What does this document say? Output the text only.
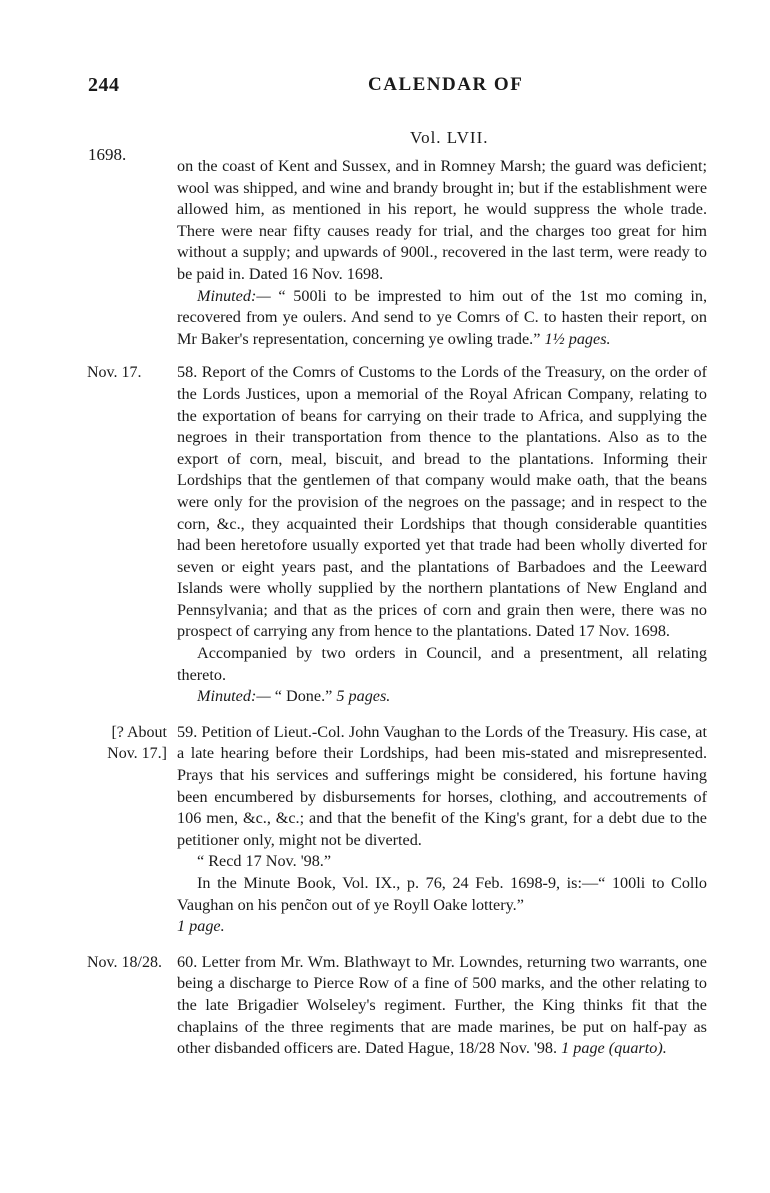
244	CALENDAR OF
Vol. LVII.
1698.

on the coast of Kent and Sussex, and in Romney Marsh; the guard was deficient; wool was shipped, and wine and brandy brought in; but if the establishment were allowed him, as mentioned in his report, he would suppress the whole trade. There were near fifty causes ready for trial, and the charges too great for him without a supply; and upwards of 900l., recovered in the last term, were ready to be paid in. Dated 16 Nov. 1698.

Minuted:— “ 500li to be imprested to him out of the 1st mo coming in, recovered from ye oulers. And send to ye Comrs of C. to hasten their report, on Mr Baker's representation, concerning ye owling trade.” 1½ pages.

Nov. 17.	58. Report of the Comrs of Customs to the Lords of the Treasury, on the order of the Lords Justices, upon a memorial of the Royal African Company, relating to the exportation of beans for carrying on their trade to Africa, and supplying the negroes in their transportation from thence to the plantations. Also as to the export of corn, meal, biscuit, and bread to the plantations. Informing their Lordships that the gentlemen of that company would make oath, that the beans were only for the provision of the negroes on the passage; and in respect to the corn, &c., they acquainted their Lordships that though considerable quantities had been heretofore usually exported yet that trade had been wholly diverted for seven or eight years past, and the plantations of Barbadoes and the Leeward Islands were wholly supplied by the northern plantations of New England and Pennsylvania; and that as the prices of corn and grain then were, there was no prospect of carrying any from hence to the plantations. Dated 17 Nov. 1698.

Accompanied by two orders in Council, and a presentment, all relating thereto.

Minuted:— “ Done.” 5 pages.

[? About Nov. 17.]

59. Petition of Lieut.-Col. John Vaughan to the Lords of the Treasury. His case, at a late hearing before their Lordships, had been mis-stated and misrepresented. Prays that his services and sufferings might be considered, his fortune having been encumbered by disbursements for horses, clothing, and accoutrements of 106 men, &c., &c.; and that the benefit of the King's grant, for a debt due to the petitioner only, might not be diverted.

“ Recd 17 Nov. '98.”

In the Minute Book, Vol. IX., p. 76, 24 Feb. 1698-9, is:—“ 100li to Collo Vaughan on his penc̃on out of ye Royll Oake lottery.”

1 page.

Nov. 18/28. 60. Letter from Mr. Wm. Blathwayt to Mr. Lowndes, returning two warrants, one being a discharge to Pierce Row of a fine of 500 marks, and the other relating to the late Brigadier Wolseley's regiment. Further, the King thinks fit that the chaplains of the three regiments that are made marines, be put on half-pay as other disbanded officers are. Dated Hague, 18/28 Nov. '98. 1 page (quarto).
